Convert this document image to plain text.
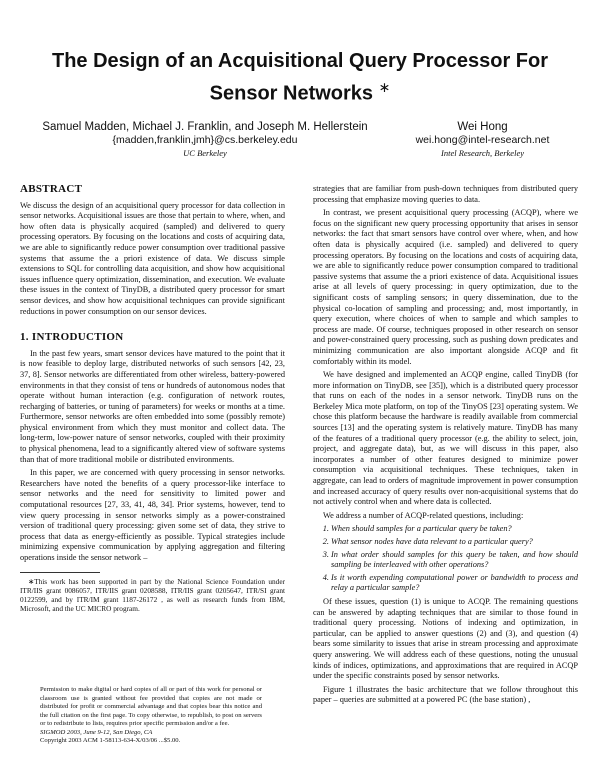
The Design of an Acquisitional Query Processor For Sensor Networks ∗
Samuel Madden, Michael J. Franklin, and Joseph M. Hellerstein
{madden,franklin,jmh}@cs.berkeley.edu
UC Berkeley
Wei Hong
wei.hong@intel-research.net
Intel Research, Berkeley
ABSTRACT

We discuss the design of an acquisitional query processor for data collection in sensor networks. Acquisitional issues are those that pertain to where, when, and how often data is physically acquired (sampled) and delivered to query processing operators. By focusing on the locations and costs of acquiring data, we are able to significantly reduce power consumption over traditional passive systems that assume the a priori existence of data. We discuss simple extensions to SQL for controlling data acquisition, and show how acquisitional issues influence query optimization, dissemination, and execution. We evaluate these issues in the context of TinyDB, a distributed query processor for smart sensor devices, and show how acquisitional techniques can provide significant reductions in power consumption on our sensor devices.

1. INTRODUCTION

In the past few years, smart sensor devices have matured to the point that it is now feasible to deploy large, distributed networks of such sensors [42, 23, 37, 8]. Sensor networks are differentiated from other wireless, battery-powered environments in that they consist of tens or hundreds of autonomous nodes that operate without human interaction (e.g. configuration of network routes, recharging of batteries, or tuning of parameters) for weeks or months at a time. Furthermore, sensor networks are often embedded into some (possibly remote) physical environment from which they must monitor and collect data. The long-term, low-power nature of sensor networks, coupled with their proximity to physical phenomena, lead to a significantly altered view of software systems than that of more traditional mobile or distributed environments.

In this paper, we are concerned with query processing in sensor networks. Researchers have noted the benefits of a query processor-like interface to sensor networks and the need for sensitivity to limited power and computational resources [27, 33, 41, 48, 34]. Prior systems, however, tend to view query processing in sensor networks simply as a power-constrained version of traditional query processing: given some set of data, they strive to process that data as energy-efficiently as possible. Typical strategies include minimizing expensive communication by applying aggregation and filtering operations inside the sensor network –

∗This work has been supported in part by the National Science Foundation under ITR/IIS grant 0086057, ITR/IIS grant 0208588, ITR/IIS grant 0205647, ITR/SI grant 0122599, and by ITR/IM grant 1187-26172 , as well as research funds from IBM, Microsoft, and the UC MICRO program.

Permission to make digital or hard copies of all or part of this work for personal or classroom use is granted without fee provided that copies are not made or distributed for profit or commercial advantage and that copies bear this notice and the full citation on the first page. To copy otherwise, to republish, to post on servers or to redistribute to lists, requires prior specific permission and/or a fee.
SIGMOD 2003, June 9-12, San Diego, CA
Copyright 2003 ACM 1-58113-634-X/03/06 ...$5.00.

strategies that are familiar from push-down techniques from distributed query processing that emphasize moving queries to data.

In contrast, we present acquisitional query processing (ACQP), where we focus on the significant new query processing opportunity that arises in sensor networks: the fact that smart sensors have control over where, when, and how often data is physically acquired (i.e. sampled) and delivered to query processing operators. By focusing on the locations and costs of acquiring data, we are able to significantly reduce power consumption compared to traditional passive systems that assume the a priori existence of data. Acquisitional issues arise at all levels of query processing: in query optimization, due to the significant costs of sampling sensors; in query dissemination, due to the physical co-location of sampling and processing; and, most importantly, in query execution, where choices of when to sample and which samples to process are made. Of course, techniques proposed in other research on sensor and power-constrained query processing, such as pushing down predicates and minimizing communication are also important alongside ACQP and fit comfortably within its model.

We have designed and implemented an ACQP engine, called TinyDB (for more information on TinyDB, see [35]), which is a distributed query processor that runs on each of the nodes in a sensor network. TinyDB runs on the Berkeley Mica mote platform, on top of the TinyOS [23] operating system. We chose this platform because the hardware is readily available from commercial sources [13] and the operating system is relatively mature. TinyDB has many of the features of a traditional query processor (e.g. the ability to select, join, project, and aggregate data), but, as we will discuss in this paper, also incorporates a number of other features designed to minimize power consumption via acquisitional techniques. These techniques, taken in aggregate, can lead to orders of magnitude improvement in power consumption and increased accuracy of query results over non-acquisitional systems that do not actively control when and where data is collected.

We address a number of ACQP-related questions, including:

1. When should samples for a particular query be taken?
2. What sensor nodes have data relevant to a particular query?
3. In what order should samples for this query be taken, and how should sampling be interleaved with other operations?
4. Is it worth expending computational power or bandwidth to process and relay a particular sample?

Of these issues, question (1) is unique to ACQP. The remaining questions can be answered by adapting techniques that are similar to those found in traditional query processing. Notions of indexing and optimization, in particular, can be applied to answer questions (2) and (3), and question (4) bears some similarity to issues that arise in stream processing and approximate query answering. We will address each of these questions, noting the unusual kinds of indices, optimizations, and approximations that are required in ACQP under the specific constraints posed by sensor networks.

Figure 1 illustrates the basic architecture that we follow throughout this paper – queries are submitted at a powered PC (the base station) ,
